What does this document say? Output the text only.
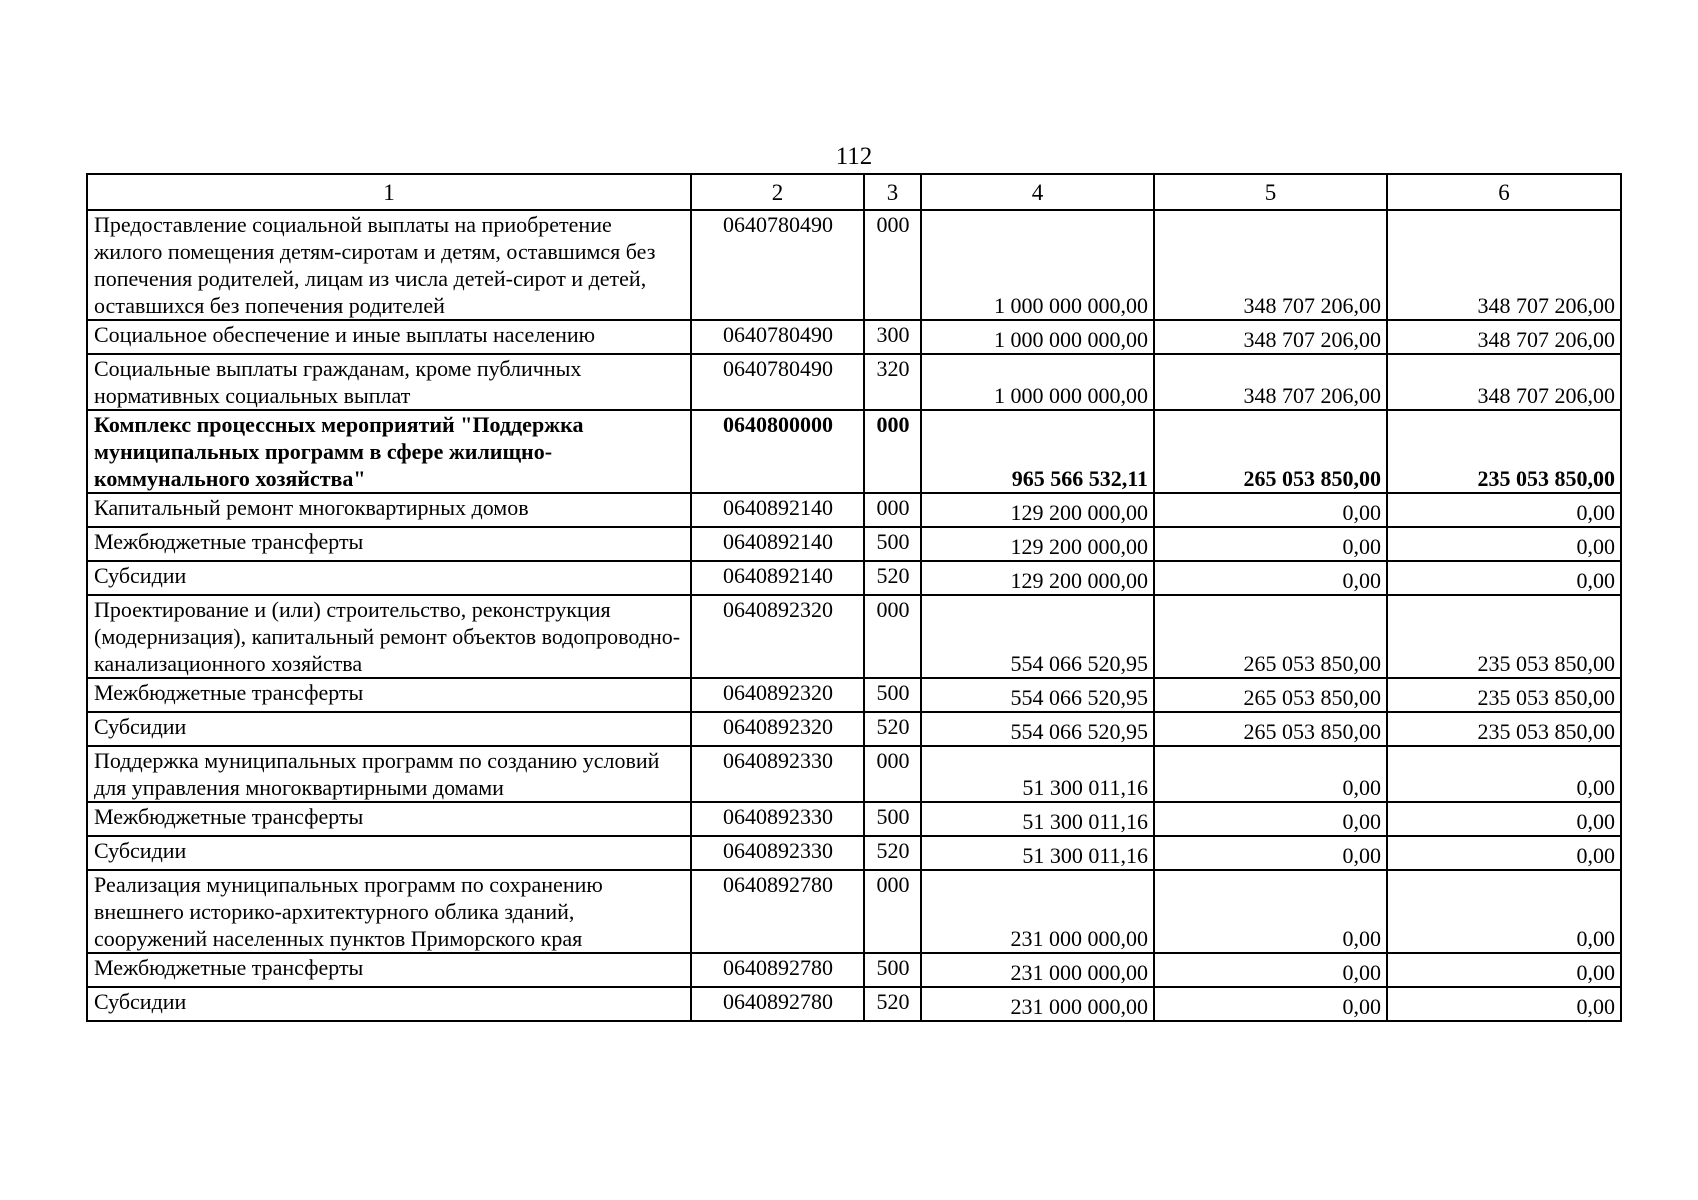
112
1	2	3	4	5	6
Предоставление социальной выплаты на приобретение жилого помещения детям-сиротам и детям, оставшимся без попечения родителей, лицам из числа детей-сирот и детей, оставшихся без попечения родителей	0640780490	000	1 000 000 000,00	348 707 206,00	348 707 206,00
Социальное обеспечение и иные выплаты населению	0640780490	300	1 000 000 000,00	348 707 206,00	348 707 206,00
Социальные выплаты гражданам, кроме публичных нормативных социальных выплат	0640780490	320	1 000 000 000,00	348 707 206,00	348 707 206,00
Комплекс процессных мероприятий "Поддержка муниципальных программ в сфере жилищно-коммунального хозяйства"	0640800000	000	965 566 532,11	265 053 850,00	235 053 850,00
Капитальный ремонт многоквартирных домов	0640892140	000	129 200 000,00	0,00	0,00
Межбюджетные трансферты	0640892140	500	129 200 000,00	0,00	0,00
Субсидии	0640892140	520	129 200 000,00	0,00	0,00
Проектирование и (или) строительство, реконструкция (модернизация), капитальный ремонт объектов водопроводно-канализационного хозяйства	0640892320	000	554 066 520,95	265 053 850,00	235 053 850,00
Межбюджетные трансферты	0640892320	500	554 066 520,95	265 053 850,00	235 053 850,00
Субсидии	0640892320	520	554 066 520,95	265 053 850,00	235 053 850,00
Поддержка муниципальных программ по созданию условий для управления многоквартирными домами	0640892330	000	51 300 011,16	0,00	0,00
Межбюджетные трансферты	0640892330	500	51 300 011,16	0,00	0,00
Субсидии	0640892330	520	51 300 011,16	0,00	0,00
Реализация муниципальных программ по сохранению внешнего историко-архитектурного облика зданий, сооружений населенных пунктов Приморского края	0640892780	000	231 000 000,00	0,00	0,00
Межбюджетные трансферты	0640892780	500	231 000 000,00	0,00	0,00
Субсидии	0640892780	520	231 000 000,00	0,00	0,00
